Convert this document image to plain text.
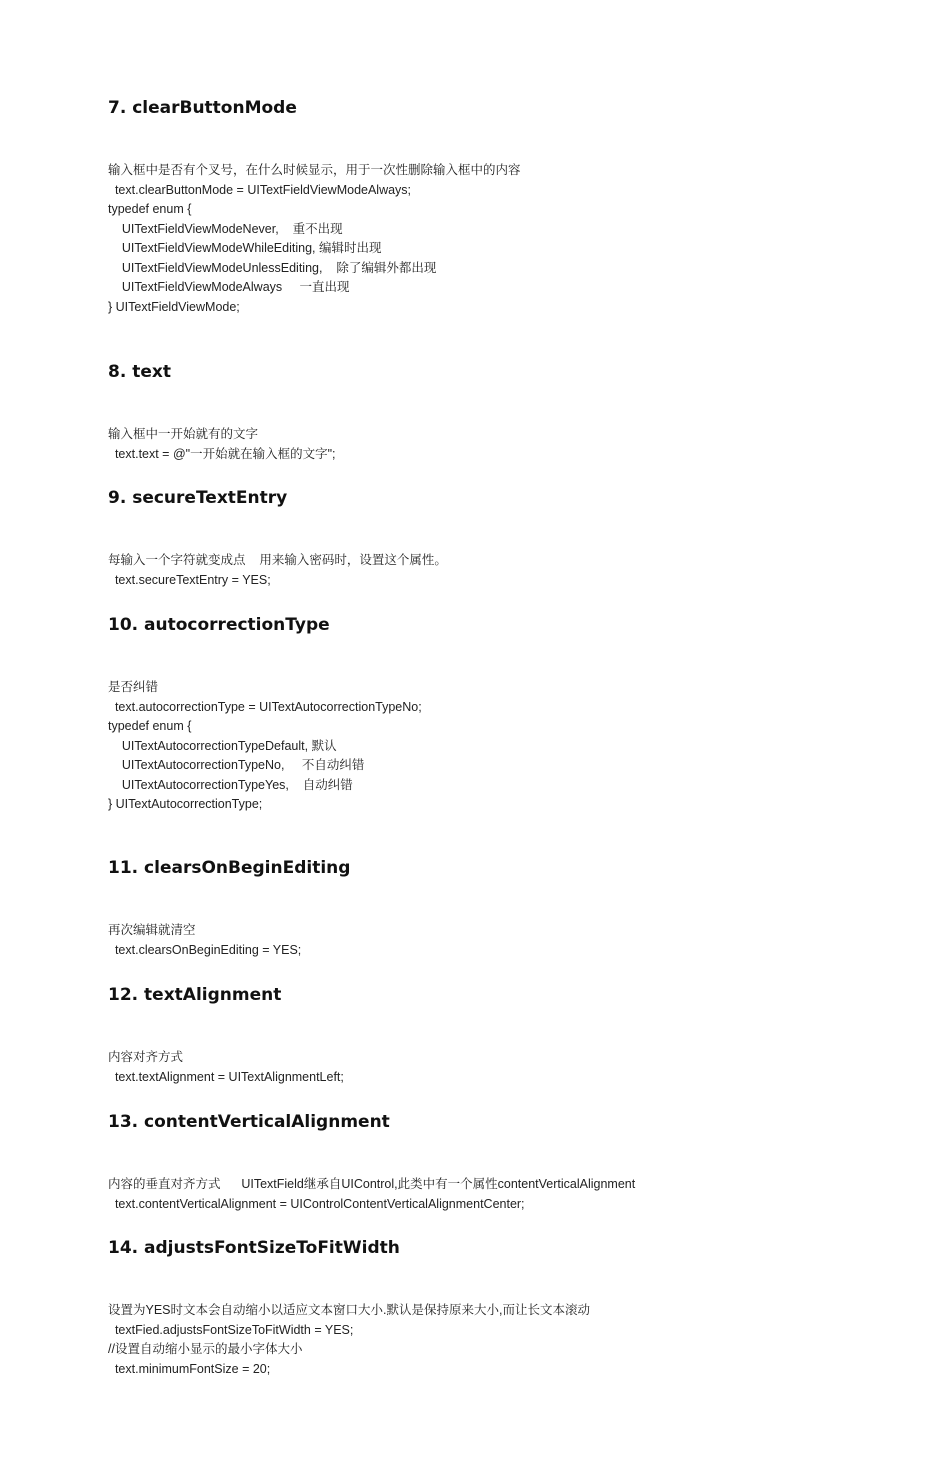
7. clearButtonMode
输入框中是否有个叉号，在什么时候显示，用于一次性删除输入框中的内容
text.clearButtonMode = UITextFieldViewModeAlways;
typedef enum {
UITextFieldViewModeNever,    重不出现
UITextFieldViewModeWhileEditing, 编辑时出现
UITextFieldViewModeUnlessEditing,    除了编辑外都出现
UITextFieldViewModeAlways     一直出现
} UITextFieldViewMode;
8. text
输入框中一开始就有的文字
text.text = @"一开始就在输入框的文字";
9. secureTextEntry
每输入一个字符就变成点    用来输入密码时，设置这个属性。
text.secureTextEntry = YES;
10. autocorrectionType
是否纠错
text.autocorrectionType = UITextAutocorrectionTypeNo;
typedef enum {
UITextAutocorrectionTypeDefault, 默认
UITextAutocorrectionTypeNo,     不自动纠错
UITextAutocorrectionTypeYes,    自动纠错
} UITextAutocorrectionType;
11. clearsOnBeginEditing
再次编辑就清空
text.clearsOnBeginEditing = YES;
12. textAlignment
内容对齐方式
text.textAlignment = UITextAlignmentLeft;
13. contentVerticalAlignment
内容的垂直对齐方式      UITextField继承自UIControl,此类中有一个属性contentVerticalAlignment
text.contentVerticalAlignment = UIControlContentVerticalAlignmentCenter;
14. adjustsFontSizeToFitWidth
设置为YES时文本会自动缩小以适应文本窗口大小.默认是保持原来大小,而让长文本滚动
textFied.adjustsFontSizeToFitWidth = YES;
//设置自动缩小显示的最小字体大小
text.minimumFontSize = 20;
